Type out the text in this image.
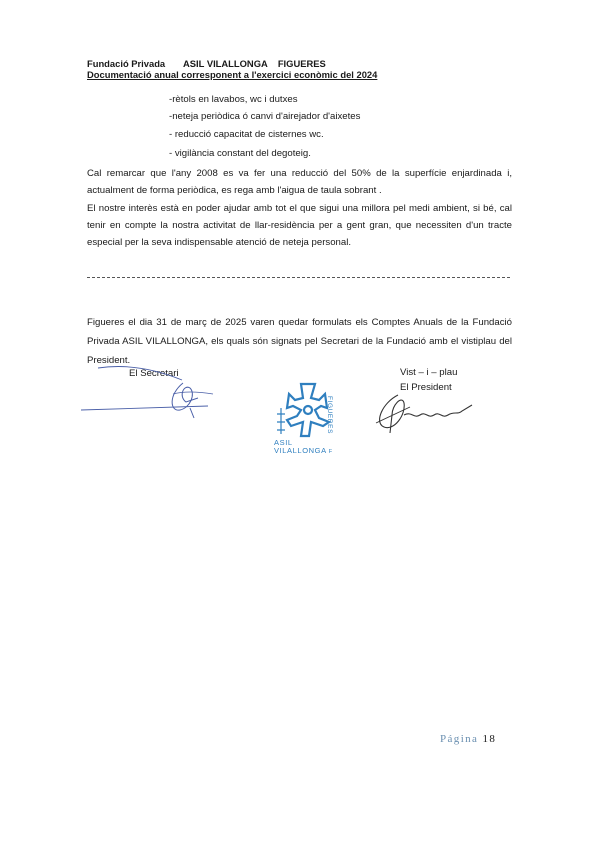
Fundació Privada       ASIL VILALLONGA    FIGUERES
Documentació anual corresponent a l'exercici econòmic del 2024
-rètols en lavabos, wc i dutxes
-neteja periòdica ó canvi d'airejador d'aixetes
- reducció capacitat de cisternes wc.
- vigilància constant del degoteig.
Cal remarcar que l'any 2008 es va fer una reducció del 50% de la superfície enjardinada i, actualment de forma periòdica, es rega amb l'aigua de taula sobrant .
El nostre interès està en poder ajudar amb tot el que sigui una millora pel medi ambient, si bé, cal tenir en compte la nostra activitat de llar-residència per a gent gran, que necessiten d'un tracte especial per la seva indispensable atenció de neteja personal.
Figueres el dia 31 de març de 2025 varen quedar formulats els Comptes Anuals de la Fundació Privada ASIL VILALLONGA, els quals són signats pel Secretari de la Fundació amb el vistiplau del President.
El Secretari	Vist – i – plau
El President
FIGUERES
ASIL
VILALLONGA F
Página 18
